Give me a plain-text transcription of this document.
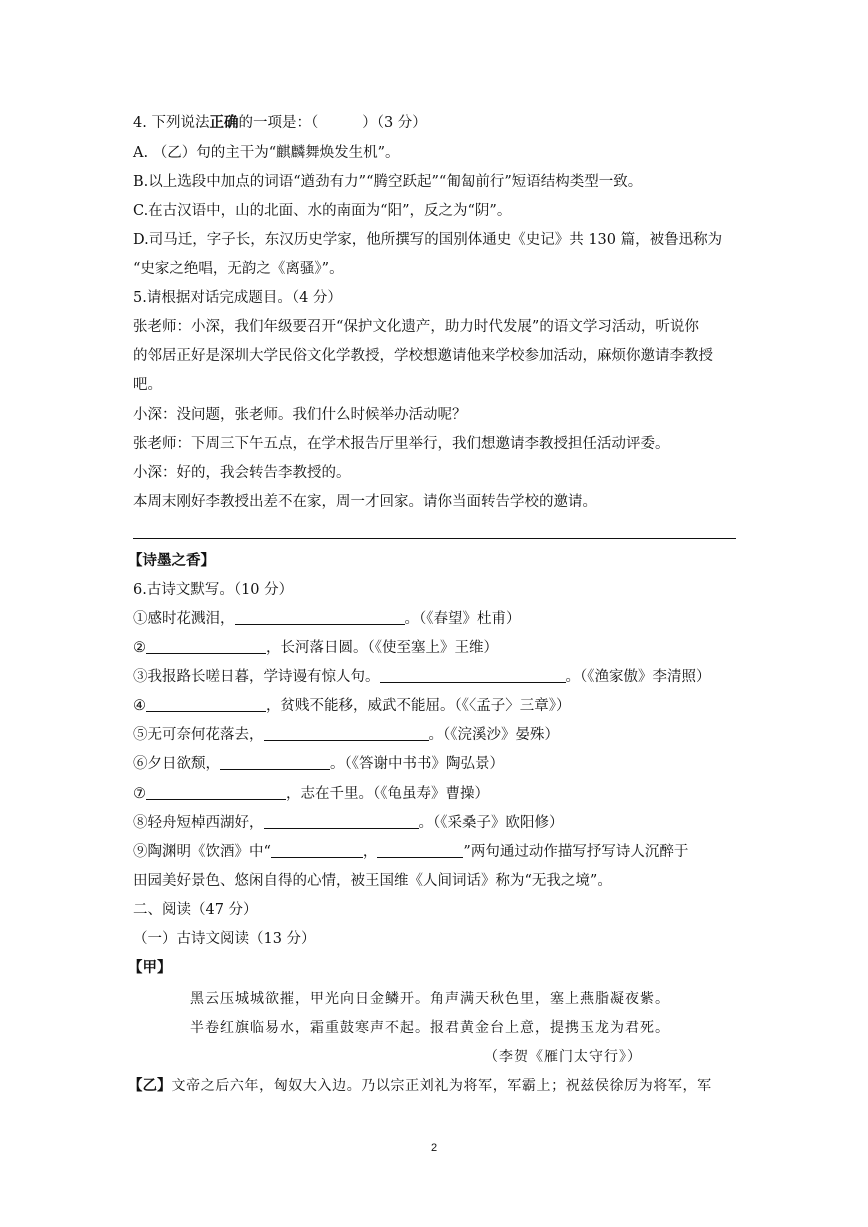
4. 下列说法正确的一项是：（	）（3 分）
A. （乙）句的主干为“麒麟舞焕发生机”。
B.以上选段中加点的词语“遒劲有力”“腾空跃起”“匍匐前行”短语结构类型一致。
C.在古汉语中，山的北面、水的南面为“阳”，反之为“阴”。
D.司马迁，字子长，东汉历史学家，他所撰写的国别体通史《史记》共 130 篇，被鲁迅称为
“史家之绝唱，无韵之《离骚》”。
5.请根据对话完成题目。（4 分）
张老师：小深，我们年级要召开“保护文化遗产，助力时代发展”的语文学习活动，听说你
的邻居正好是深圳大学民俗文化学教授，学校想邀请他来学校参加活动，麻烦你邀请李教授
吧。
小深：没问题，张老师。我们什么时候举办活动呢？
张老师：下周三下午五点，在学术报告厅里举行，我们想邀请李教授担任活动评委。
小深：好的，我会转告李教授的。
本周末刚好李教授出差不在家，周一才回家。请你当面转告学校的邀请。
【诗墨之香】
6.古诗文默写。（10 分）
①感时花溅泪，	。（《春望》杜甫）
②	，长河落日圆。（《使至塞上》王维）
③我报路长嗟日暮，学诗谩有惊人句。	。（《渔家傲》李清照）
④	，贫贱不能移，威武不能屈。（《〈孟子〉三章》）
⑤无可奈何花落去，	。（《浣溪沙》晏殊）
⑥夕日欲颓，	。（《答谢中书书》陶弘景）
⑦	，志在千里。（《龟虽寿》曹操）
⑧轻舟短棹西湖好，	。（《采桑子》欧阳修）
⑨陶渊明《饮酒》中“	，	”两句通过动作描写抒写诗人沉醉于
田园美好景色、悠闲自得的心情，被王国维《人间词话》称为“无我之境”。
二、阅读（47 分）
（一）古诗文阅读（13 分）
【甲】
黑云压城城欲摧，甲光向日金鳞开。角声满天秋色里，塞上燕脂凝夜紫。
半卷红旗临易水，霜重鼓寒声不起。报君黄金台上意，提携玉龙为君死。
（李贺《雁门太守行》）
【乙】文帝之后六年，匈奴大入边。乃以宗正刘礼为将军，军霸上；祝兹侯徐厉为将军，军
2
